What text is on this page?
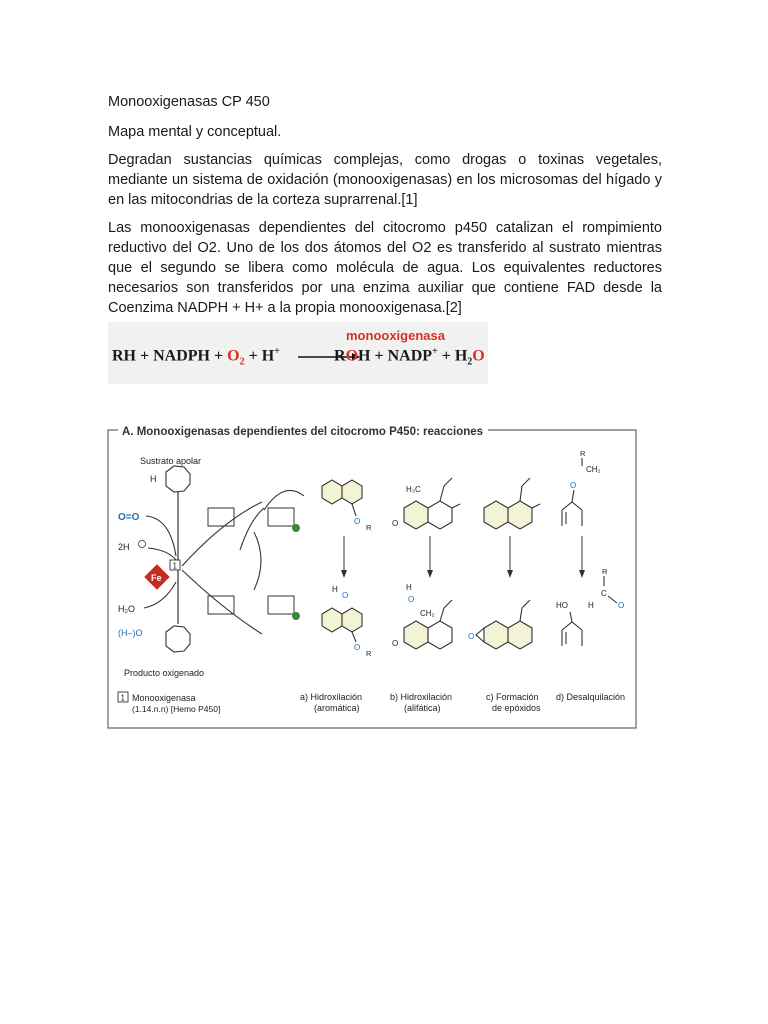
Monooxigenasas CP 450

Mapa mental y conceptual.

Degradan sustancias químicas complejas, como drogas o toxinas vegetales, mediante un sistema de oxidación (monooxigenasas) en los microsomas del hígado y en las mitocondrias de la corteza suprarrenal.[1]

Las monooxigenasas dependientes del citocromo p450 catalizan el rompimiento reductivo del O2. Uno de los dos átomos del O2 es transferido al sustrato mientras que el segundo se libera como molécula de agua. Los equivalentes reductores necesarios son transferidos por una enzima auxiliar que contiene FAD desde la Coenzima NADPH + H+ a la propia monooxigenasa.[2]

monooxigenasa
RH + NADPH + $O_2 + H^+$	ROH + NADP+ + $H_2O$
A. Monooxigenasas dependientes del citocromo P450: reacciones
Sustrato apolar
H
O=O
2H
Fe
1
H₂O
(H–)O
Producto oxigenado
1 Monooxigenasa
(1.14.n.n) [Hemo P450]
O
R
H
O
O
R
a) Hidroxilación
(aromática)
H₃C
O
H
O
CH₂
O
b) Hidroxilación
(alifática)
O
c) Formación
de epóxidos
R
CH₂
O
R
C
H	O
HO
d) Desalquilación
